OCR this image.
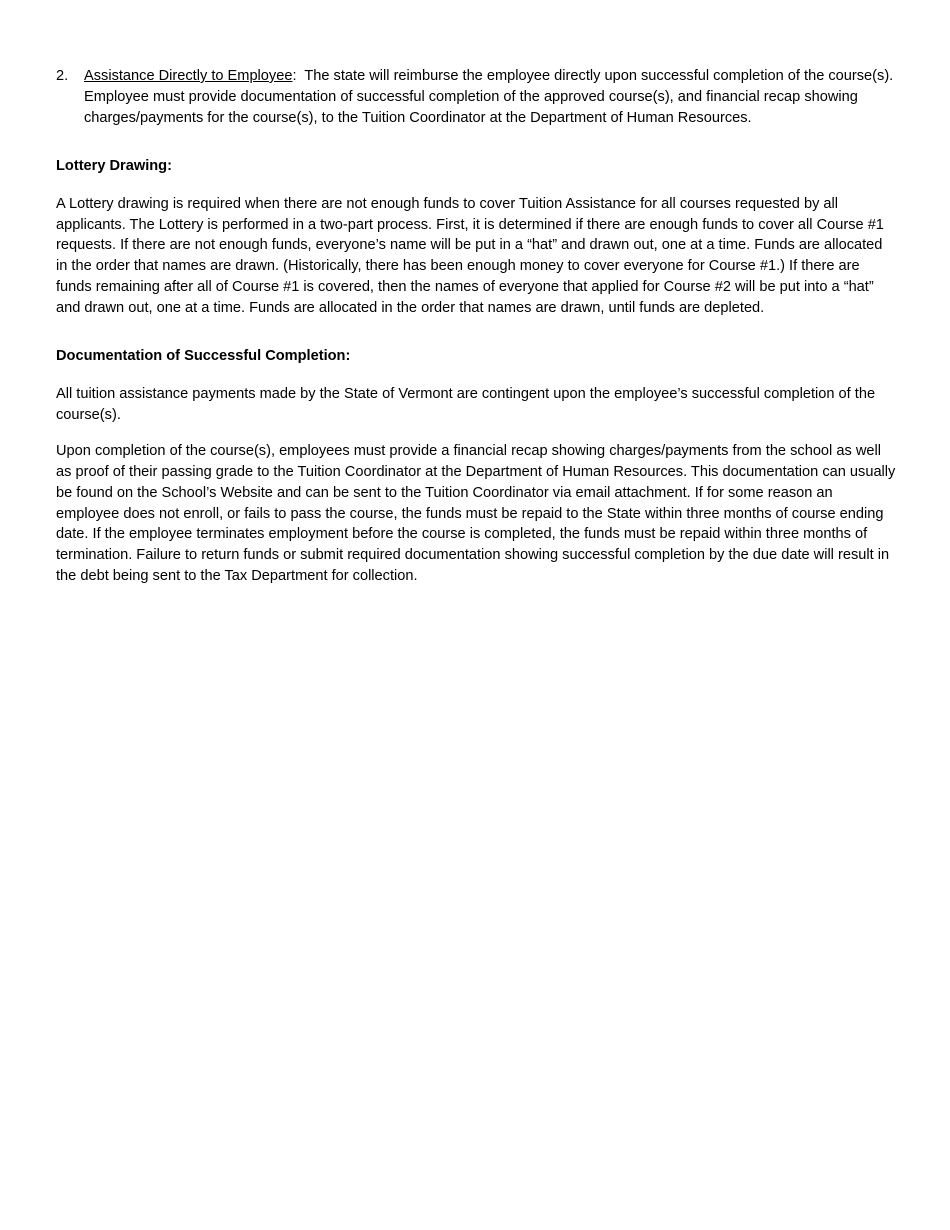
2.	Assistance Directly to Employee:  The state will reimburse the employee directly upon successful completion of the course(s). Employee must provide documentation of successful completion of the approved course(s), and financial recap showing charges/payments for the course(s), to the Tuition Coordinator at the Department of Human Resources.
Lottery Drawing:

A Lottery drawing is required when there are not enough funds to cover Tuition Assistance for all courses requested by all applicants. The Lottery is performed in a two-part process. First, it is determined if there are enough funds to cover all Course #1 requests. If there are not enough funds, everyone’s name will be put in a “hat” and drawn out, one at a time. Funds are allocated in the order that names are drawn. (Historically, there has been enough money to cover everyone for Course #1.) If there are funds remaining after all of Course #1 is covered, then the names of everyone that applied for Course #2 will be put into a “hat” and drawn out, one at a time. Funds are allocated in the order that names are drawn, until funds are depleted.

Documentation of Successful Completion:

All tuition assistance payments made by the State of Vermont are contingent upon the employee’s successful completion of the course(s).

Upon completion of the course(s), employees must provide a financial recap showing charges/payments from the school as well as proof of their passing grade to the Tuition Coordinator at the Department of Human Resources. This documentation can usually be found on the School’s Website and can be sent to the Tuition Coordinator via email attachment. If for some reason an employee does not enroll, or fails to pass the course, the funds must be repaid to the State within three months of course ending date. If the employee terminates employment before the course is completed, the funds must be repaid within three months of termination. Failure to return funds or submit required documentation showing successful completion by the due date will result in the debt being sent to the Tax Department for collection.
